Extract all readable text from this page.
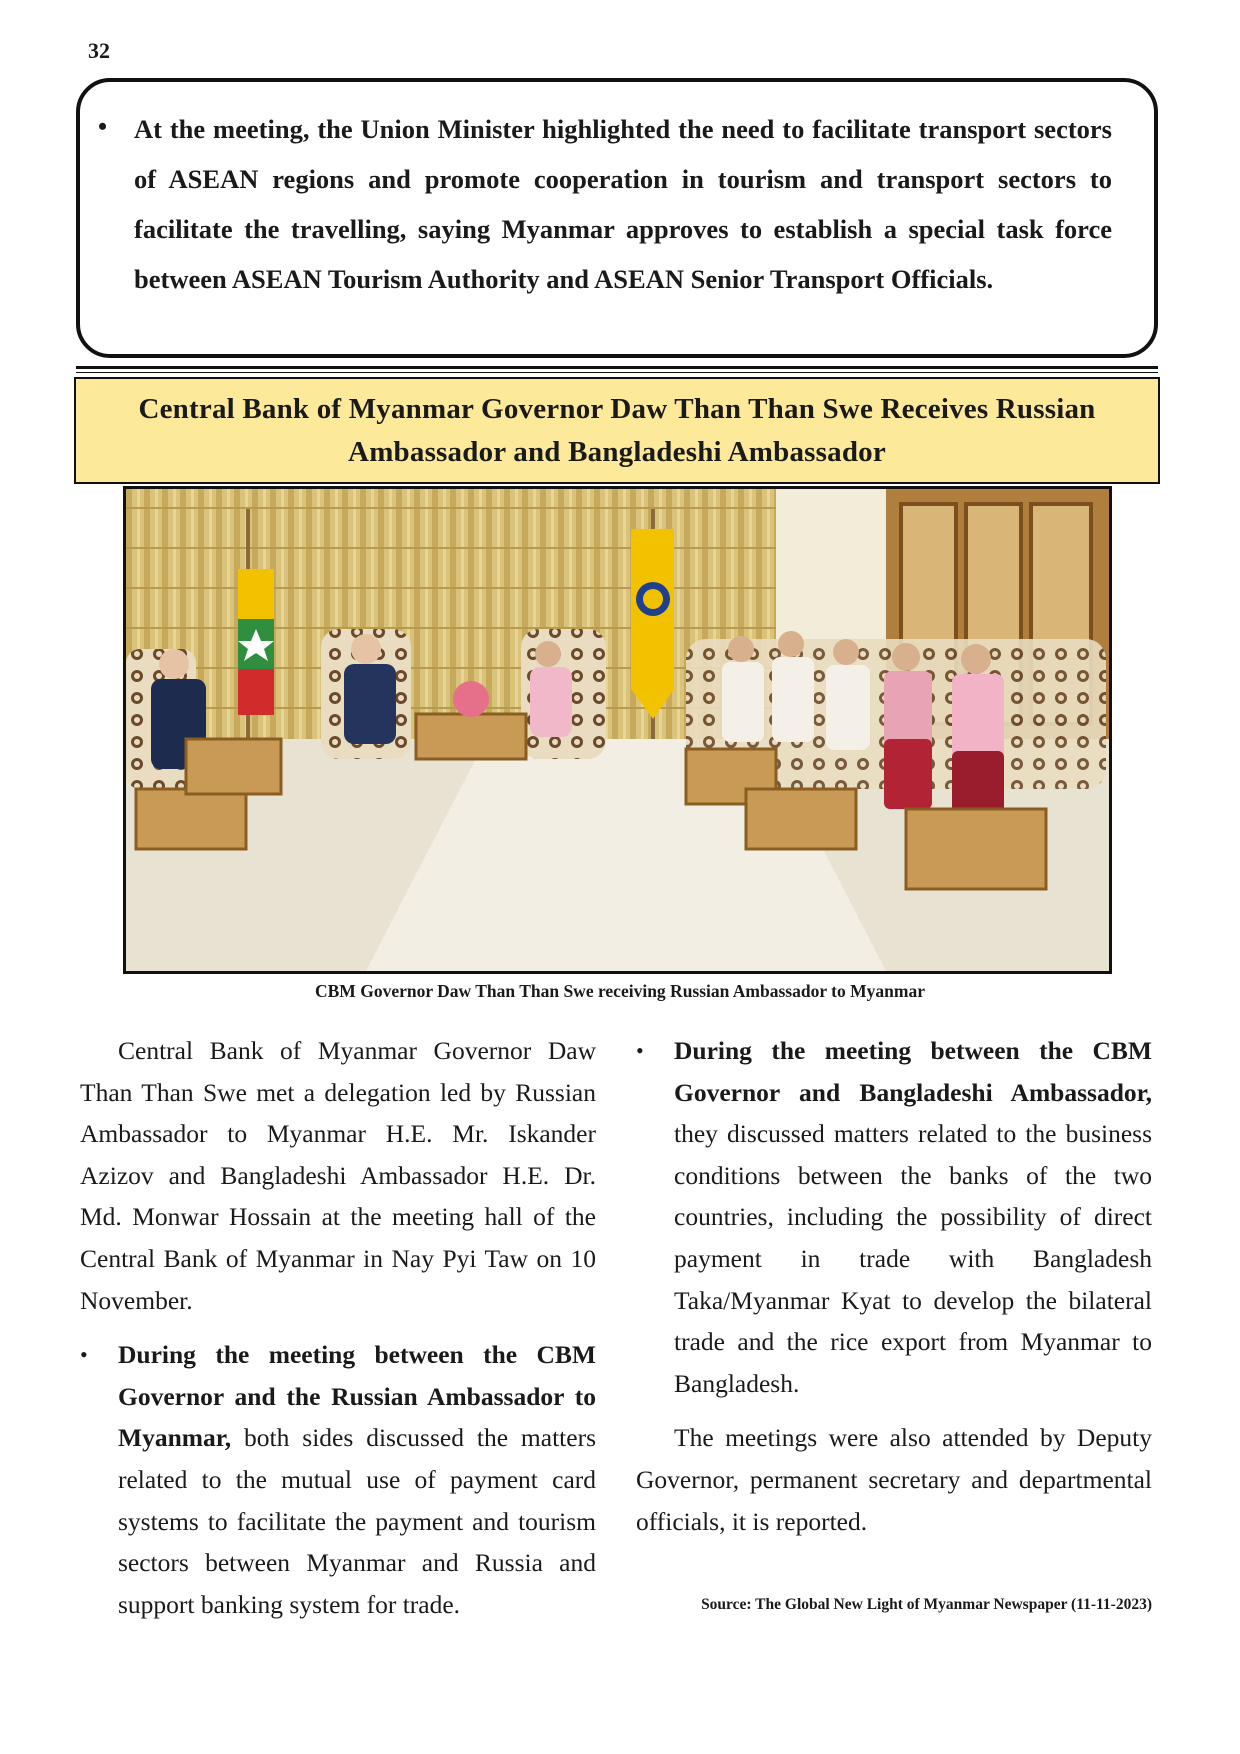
32
• At the meeting, the Union Minister highlighted the need to facilitate transport sectors of ASEAN regions and promote cooperation in tourism and transport sectors to facilitate the travelling, saying Myanmar approves to establish a special task force between ASEAN Tourism Authority and ASEAN Senior Transport Officials.
Central Bank of Myanmar Governor Daw Than Than Swe Receives Russian Ambassador and Bangladeshi Ambassador
CBM Governor Daw Than Than Swe receiving Russian Ambassador to Myanmar

Central Bank of Myanmar Governor Daw Than Than Swe met a delegation led by Russian Ambassador to Myanmar H.E. Mr. Iskander Azizov and Bangladeshi Ambassador H.E. Dr. Md. Monwar Hossain at the meeting hall of the Central Bank of Myanmar in Nay Pyi Taw on 10 November.

• During the meeting between the CBM Governor and the Russian Ambassador to Myanmar, both sides discussed the matters related to the mutual use of payment card systems to facilitate the payment and tourism sectors between Myanmar and Russia and support banking system for trade.
• During the meeting between the CBM Governor and Bangladeshi Ambassador, they discussed matters related to the business conditions between the banks of the two countries, including the possibility of direct payment in trade with Bangladesh Taka/Myanmar Kyat to develop the bilateral trade and the rice export from Myanmar to Bangladesh.

The meetings were also attended by Deputy Governor, permanent secretary and departmental officials, it is reported.

Source: The Global New Light of Myanmar Newspaper (11-11-2023)
